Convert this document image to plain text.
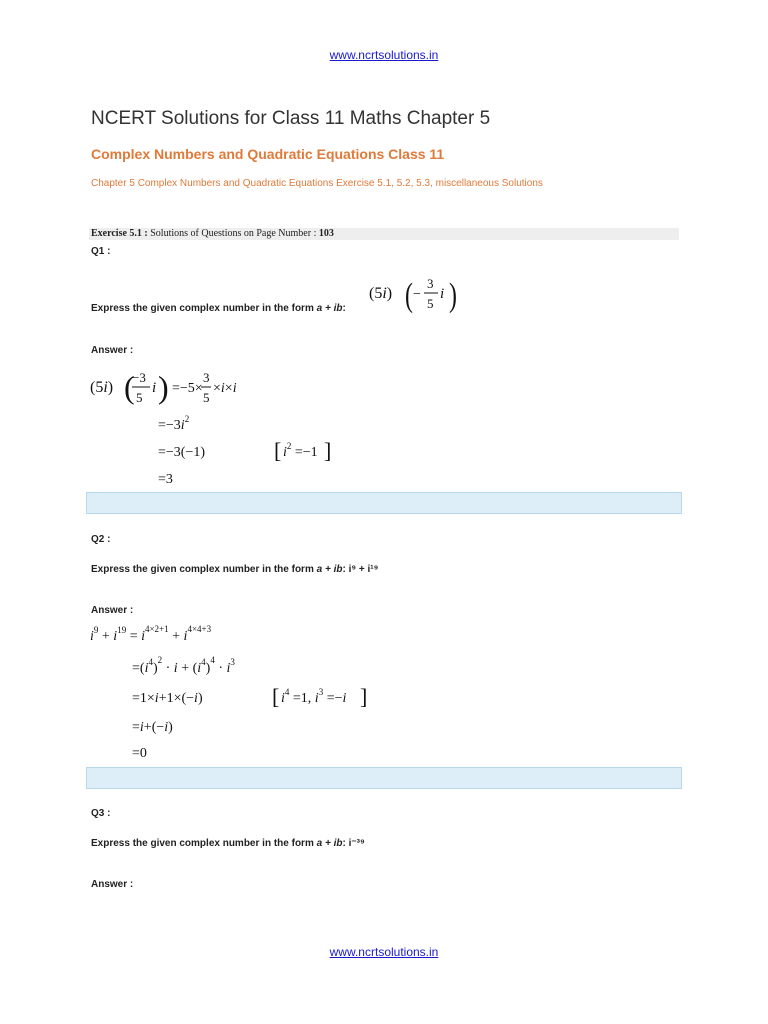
www.ncrtsolutions.in
NCERT Solutions for Class 11 Maths Chapter 5
Complex Numbers and Quadratic Equations Class 11
Chapter 5 Complex Numbers and Quadratic Equations Exercise 5.1, 5.2, 5.3, miscellaneous Solutions
Exercise 5.1 : Solutions of Questions on Page Number : 103
Q1 :
Express the given complex number in the form a + ib:
(5i) ( −
3
5
i )
Answer :
(5i) (
−3
5
i ) =−5×
3
5
×i×i
$=-3i^2$
=−3(−1)	[ $i^2 =-1$ ]
=3
Q2 :
Express the given complex number in the form a + ib: i⁹ + i¹⁹
Answer :
$i^9 + i^{19} = i^{4\times 2+1} + i^{4\times 4+3}$
$=(i^4)^2 \cdot i + (i^4)^4 \cdot i^3$
=1×i+1×(−i)	[ $i^4 =1$, $i^3 =-i$ ]
=i+(−i)
=0
Q3 :
Express the given complex number in the form a + ib: i⁻³⁹
Answer :
www.ncrtsolutions.in
